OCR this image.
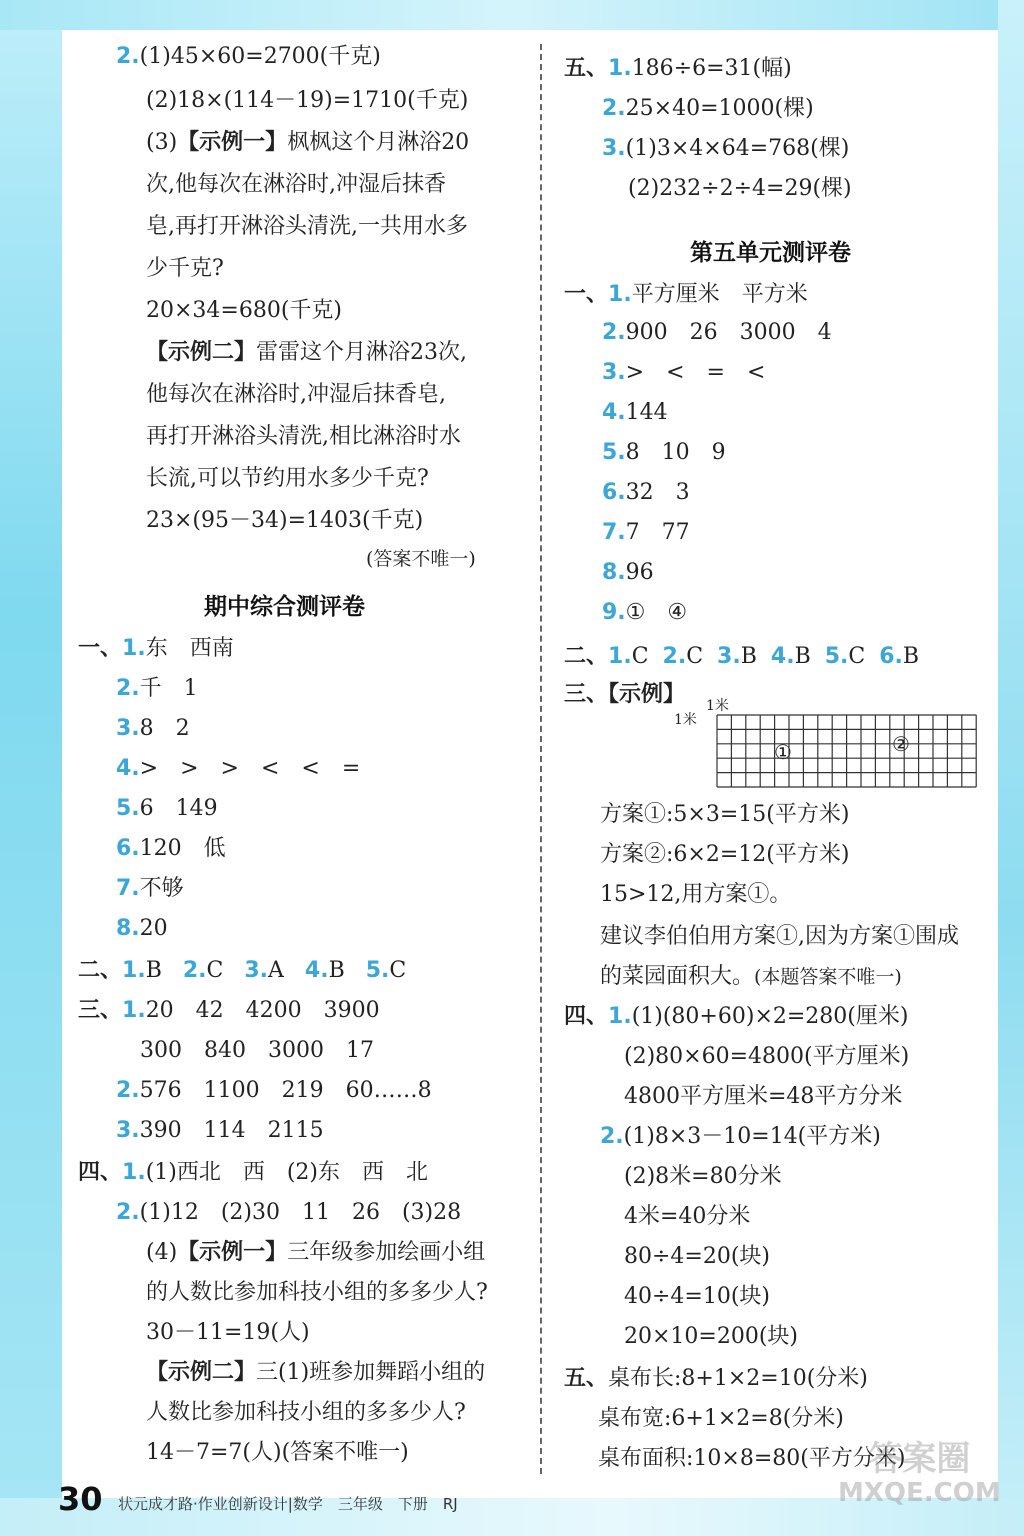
2.(1)45×60=2700(千克)
(2)18×(114－19)=1710(千克)
(3)【示例一】枫枫这个月淋浴20
次,他每次在淋浴时,冲湿后抹香
皂,再打开淋浴头清洗,一共用水多
少千克?
20×34=680(千克)
【示例二】雷雷这个月淋浴23次,
他每次在淋浴时,冲湿后抹香皂,
再打开淋浴头清洗,相比淋浴时水
长流,可以节约用水多少千克?
23×(95－34)=1403(千克)
(答案不唯一)
期中综合测评卷
一、1.东　西南
2.千　1
3.8　2
4.>　>　>　<　<　=
5.6　149
6.120　低
7.不够
8.20
二、1.B 2.C 3.A 4.B 5.C
三、1.20　42　4200　3900
300　840　3000　17
2.576　1100　219　60……8
3.390　114　2115
四、1.(1)西北　西　(2)东　西　北
2.(1)12　(2)30　11　26　(3)28
(4)【示例一】三年级参加绘画小组
的人数比参加科技小组的多多少人?
30－11=19(人)
【示例二】三(1)班参加舞蹈小组的
人数比参加科技小组的多多少人?
14－7=7(人)(答案不唯一)
五、1.186÷6=31(幅)
2.25×40=1000(棵)
3.(1)3×4×64=768(棵)
(2)232÷2÷4=29(棵)
第五单元测评卷
一、1.平方厘米　平方米
2.900　26　3000　4
3.>　<　=　<
4.144
5.8　10　9
6.32　3
7.7　77
8.96
9.①　④
二、1.C 2.C 3.B 4.B 5.C 6.B
三、【示例】 1米
1米
①	②
方案①:5×3=15(平方米)
方案②:6×2=12(平方米)
15>12,用方案①。
建议李伯伯用方案①,因为方案①围成
的菜园面积大。(本题答案不唯一)
四、1.(1)(80+60)×2=280(厘米)
(2)80×60=4800(平方厘米)
4800平方厘米=48平方分米
2.(1)8×3－10=14(平方米)
(2)8米=80分米
4米=40分米
80÷4=20(块)
40÷4=10(块)
20×10=200(块)
五、桌布长:8+1×2=10(分米)
桌布宽:6+1×2=8(分米)
桌布面积:10×8=80(平方分米)
答案圈
MXQE.COM
30 状元成才路·作业创新设计|数学　三年级　下册　RJ
